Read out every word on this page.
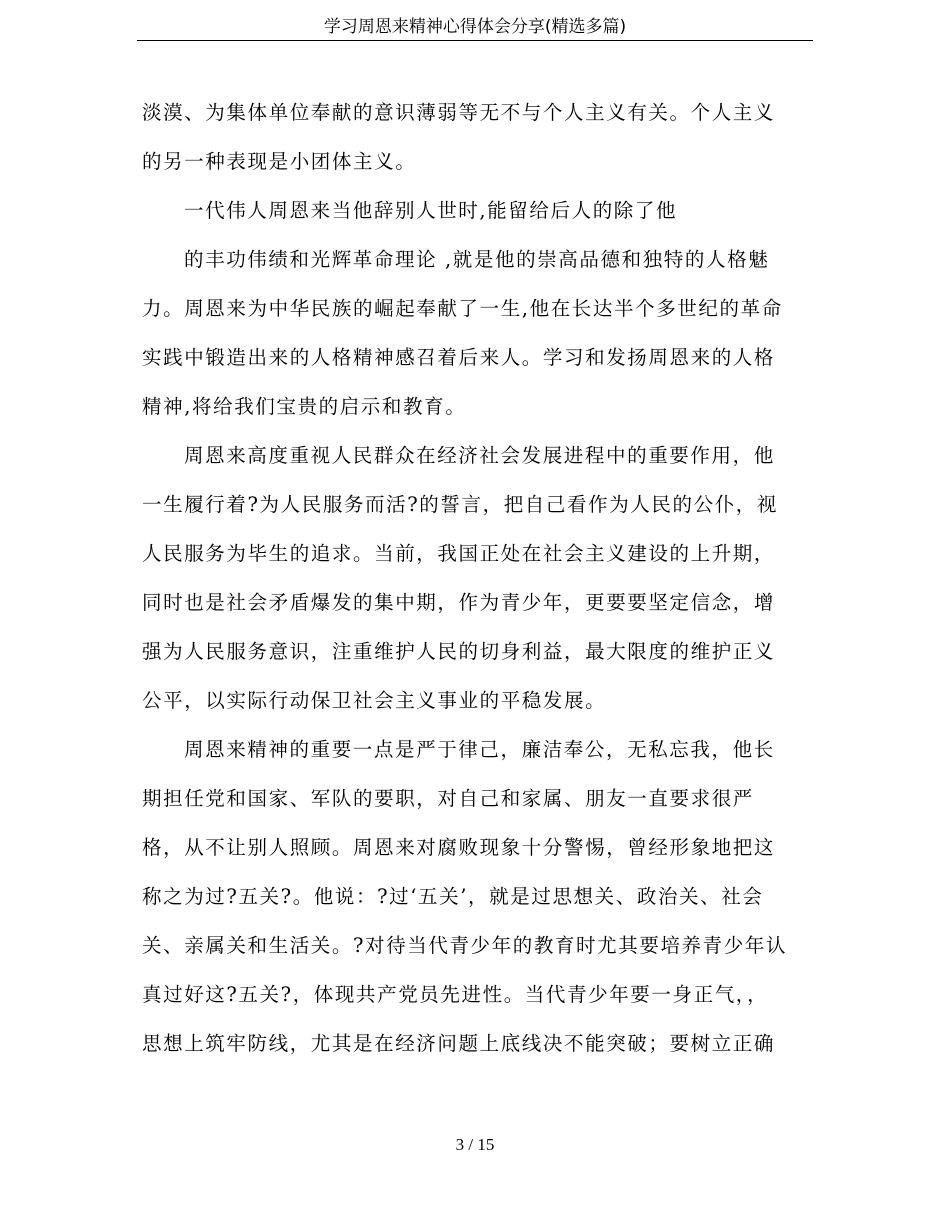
学习周恩来精神心得体会分享(精选多篇)
淡漠、为集体单位奉献的意识薄弱等无不与个人主义有关。个人主义
的另一种表现是小团体主义。
一代伟人周恩来当他辞别人世时,能留给后人的除了他
的丰功伟绩和光辉革命理论 ,就是他的崇高品德和独特的人格魅
力。周恩来为中华民族的崛起奉献了一生,他在长达半个多世纪的革命
实践中锻造出来的人格精神感召着后来人。学习和发扬周恩来的人格
精神,将给我们宝贵的启示和教育。
周恩来高度重视人民群众在经济社会发展进程中的重要作用，他
一生履行着?为人民服务而活?的誓言，把自己看作为人民的公仆，视
人民服务为毕生的追求。当前，我国正处在社会主义建设的上升期，
同时也是社会矛盾爆发的集中期，作为青少年，更要要坚定信念，增
强为人民服务意识，注重维护人民的切身利益，最大限度的维护正义
公平，以实际行动保卫社会主义事业的平稳发展。
周恩来精神的重要一点是严于律己，廉洁奉公，无私忘我，他长
期担任党和国家、军队的要职，对自己和家属、朋友一直要求很严
格，从不让别人照顾。周恩来对腐败现象十分警惕，曾经形象地把这
称之为过?五关?。他说：?过‘五关’，就是过思想关、政治关、社会
关、亲属关和生活关。?对待当代青少年的教育时尤其要培养青少年认
真过好这?五关?，体现共产党员先进性。当代青少年要一身正气，，
思想上筑牢防线，尤其是在经济问题上底线决不能突破；要树立正确
3 / 15
